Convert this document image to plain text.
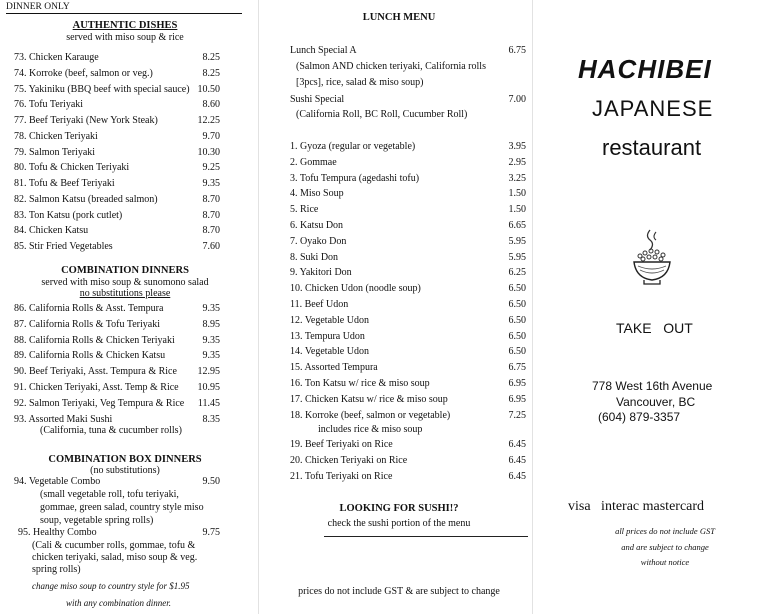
DINNER ONLY
AUTHENTIC DISHES
served with miso soup & rice
73. Chicken Karauge	8.25
74. Korroke (beef, salmon or veg.)	8.25
75. Yakiniku (BBQ beef with special sauce) 10.50
76. Tofu Teriyaki	8.60
77. Beef Teriyaki (New York Steak)	12.25
78. Chicken Teriyaki	9.70
79. Salmon Teriyaki	10.30
80. Tofu & Chicken Teriyaki	9.25
81. Tofu & Beef Teriyaki	9.35
82. Salmon Katsu (breaded salmon)	8.70
83. Ton Katsu (pork cutlet)	8.70
84. Chicken Katsu	8.70
85. Stir Fried Vegetables	7.60
COMBINATION DINNERS
served with miso soup & sunomono salad
no substitutions please
86. California Rolls & Asst. Tempura	9.35
87. California Rolls & Tofu Teriyaki	8.95
88. California Rolls & Chicken Teriyaki	9.35
89. California Rolls & Chicken Katsu	9.35
90. Beef Teriyaki, Asst. Tempura & Rice 12.95
91. Chicken Teriyaki, Asst. Temp & Rice 10.95
92. Salmon Teriyaki, Veg Tempura & Rice 11.45
93. Assorted Maki Sushi	8.35
(California, tuna & cucumber rolls)
COMBINATION BOX DINNERS
(no substitutions)
94. Vegetable Combo	9.50
(small vegetable roll, tofu teriyaki,
gommae, green salad, country style miso
soup, vegetable spring rolls)
95. Healthy Combo	9.75
(Cali & cucumber rolls, gommae, tofu &
chicken teriyaki, salad, miso soup & veg.
spring rolls)
change miso soup to country style for $1.95
with any combination dinner.
LUNCH MENU
Lunch Special A	6.75
(Salmon AND chicken teriyaki, California rolls
[3pcs], rice, salad & miso soup)
Sushi Special	7.00
(California Roll, BC Roll, Cucumber Roll)
1. Gyoza (regular or vegetable)	3.95
2. Gommae	2.95
3. Tofu Tempura (agedashi tofu)	3.25
4. Miso Soup	1.50
5. Rice	1.50
6. Katsu Don	6.65
7. Oyako Don	5.95
8. Suki Don	5.95
9. Yakitori Don	6.25
10. Chicken Udon (noodle soup)	6.50
11. Beef Udon	6.50
12. Vegetable Udon	6.50
13. Tempura Udon	6.50
14. Vegetable Udon	6.50
15. Assorted Tempura	6.75
16. Ton Katsu w/ rice & miso soup	6.95
17. Chicken Katsu w/ rice & miso soup	6.95
18. Korroke (beef, salmon or vegetable)	7.25
includes rice & miso soup
19. Beef Teriyaki on Rice	6.45
20. Chicken Teriyaki on Rice	6.45
21. Tofu Teriyaki on Rice	6.45
LOOKING FOR SUSHI!?
check the sushi portion of the menu
prices do not include GST & are subject to change
HACHIBEI
JAPANESE
restaurant
TAKE   OUT
778 West 16th Avenue
Vancouver, BC
(604) 879-3357
visa   interac mastercard
all prices do not include GST
and are subject to change
without notice
